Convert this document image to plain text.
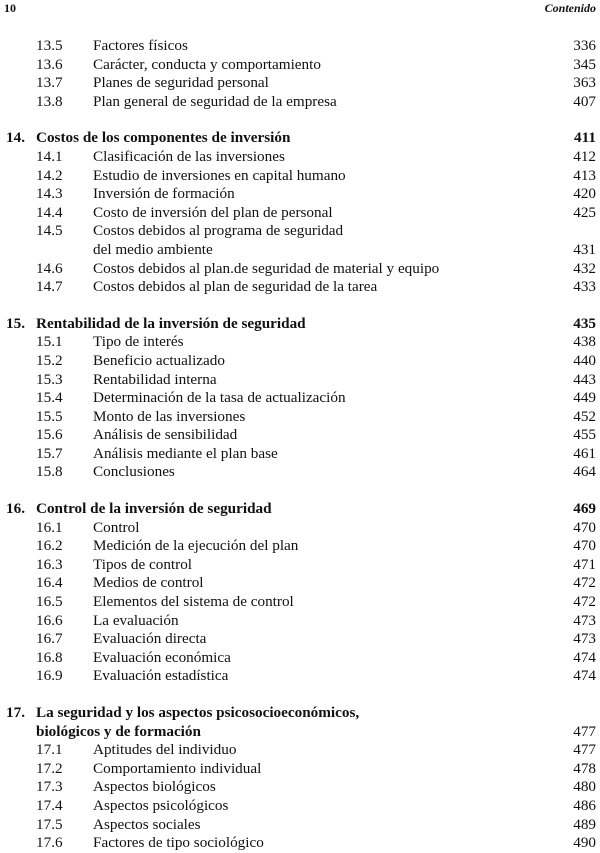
10	Contenido
13.5 Factores físicos	336
13.6 Carácter, conducta y comportamiento	345
13.7 Planes de seguridad personal	363
13.8 Plan general de seguridad de la empresa	407
14. Costos de los componentes de inversión	411
14.1 Clasificación de las inversiones	412
14.2 Estudio de inversiones en capital humano	413
14.3 Inversión de formación	420
14.4 Costo de inversión del plan de personal	425
14.5 Costos debidos al programa de seguridad
del medio ambiente	431
14.6 Costos debidos al plan.de seguridad de material y equipo	432
14.7 Costos debidos al plan de seguridad de la tarea	433
15. Rentabilidad de la inversión de seguridad	435
15.1 Tipo de interés	438
15.2 Beneficio actualizado	440
15.3 Rentabilidad interna	443
15.4 Determinación de la tasa de actualización	449
15.5 Monto de las inversiones	452
15.6 Análisis de sensibilidad	455
15.7 Análisis mediante el plan base	461
15.8 Conclusiones	464
16. Control de la inversión de seguridad	469
16.1 Control	470
16.2 Medición de la ejecución del plan	470
16.3 Tipos de control	471
16.4 Medios de control	472
16.5 Elementos del sistema de control	472
16.6 La evaluación	473
16.7 Evaluación directa	473
16.8 Evaluación económica	474
16.9 Evaluación estadística	474
17. La seguridad y los aspectos psicosocioeconómicos,
biológicos y de formación	477
17.1 Aptitudes del individuo	477
17.2 Comportamiento individual	478
17.3 Aspectos biológicos	480
17.4 Aspectos psicológicos	486
17.5 Aspectos sociales	489
17.6 Factores de tipo sociológico	490
